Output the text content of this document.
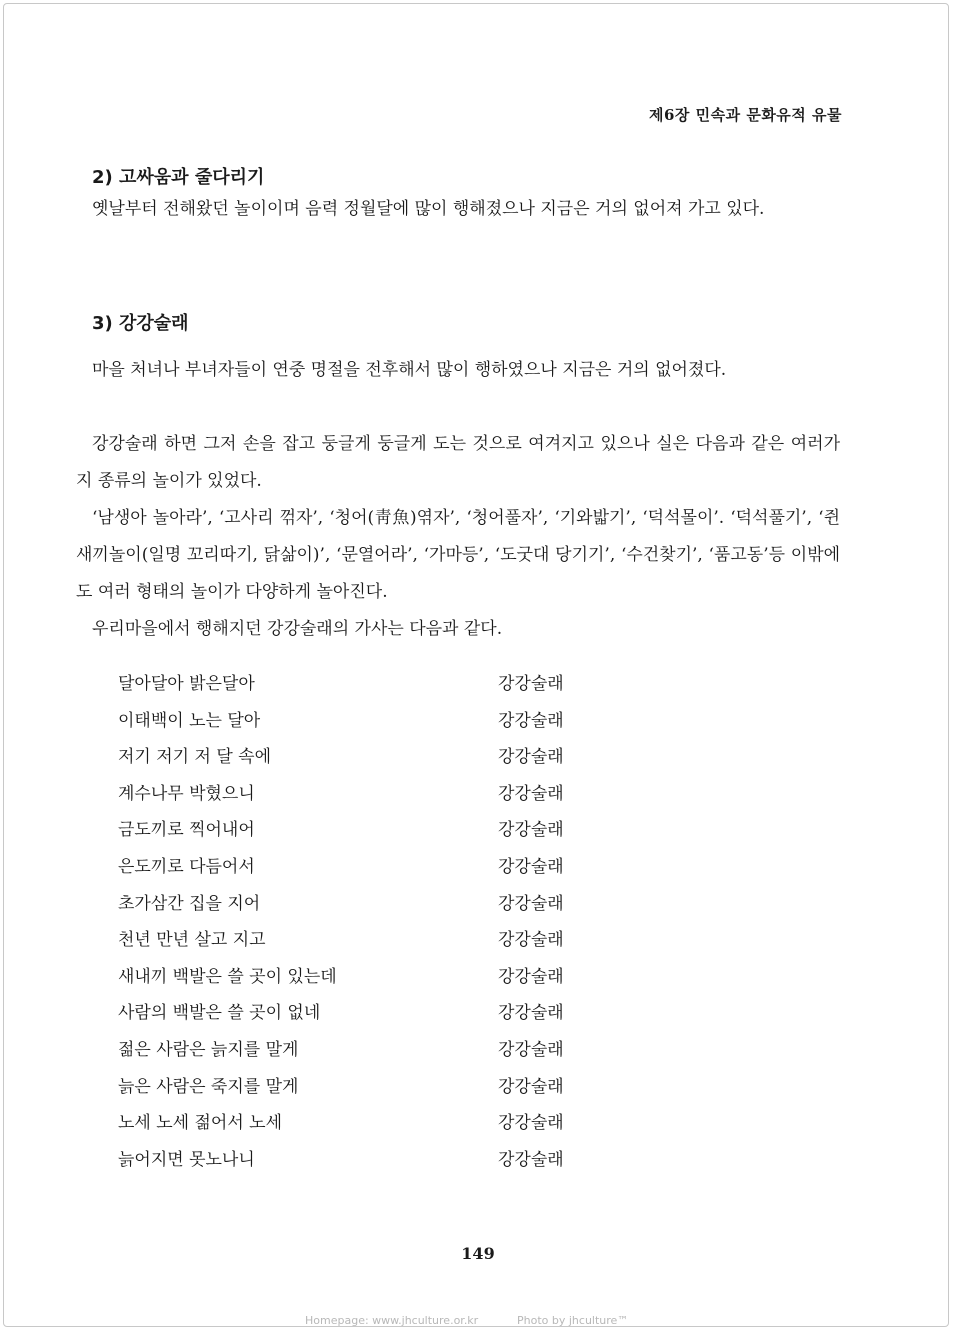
제6장 민속과 문화유적 유물
2) 고싸움과 줄다리기

옛날부터 전해왔던 놀이이며 음력 정월달에 많이 행해졌으나 지금은 거의 없어져 가고 있다.

3) 강강술래

마을 처녀나 부녀자들이 연중 명절을 전후해서 많이 행하였으나 지금은 거의 없어졌다.

강강술래 하면 그저 손을 잡고 둥글게 둥글게 도는 것으로 여겨지고 있으나 실은 다음과 같은 여러가지 종류의 놀이가 있었다.

‘남생아 놀아라’, ‘고사리 꺾자’, ‘청어(靑魚)엮자’, ‘청어풀자’, ‘기와밟기’, ‘덕석몰이’. ‘덕석풀기’, ‘쥔새끼놀이(일명 꼬리따기, 닭삶이)’, ‘문열어라’, ‘가마등’, ‘도굿대 당기기’, ‘수건찾기’, ‘품고동’등 이밖에도 여러 형태의 놀이가 다양하게 놀아진다.

우리마을에서 행해지던 강강술래의 가사는 다음과 같다.

달아달아 밝은달아	강강술래
이태백이 노는 달아	강강술래
저기 저기 저 달 속에	강강술래
계수나무 박혔으니	강강술래
금도끼로 찍어내어	강강술래
은도끼로 다듬어서	강강술래
초가삼간 집을 지어	강강술래
천년 만년 살고 지고	강강술래
새내끼 백발은 쓸 곳이 있는데	강강술래
사람의 백발은 쓸 곳이 없네	강강술래
젊은 사람은 늙지를 말게	강강술래
늙은 사람은 죽지를 말게	강강술래
노세 노세 젊어서 노세	강강술래
늙어지면 못노나니	강강술래
149
Homepage: www.jhculture.or.kr	Photo by jhculture™
